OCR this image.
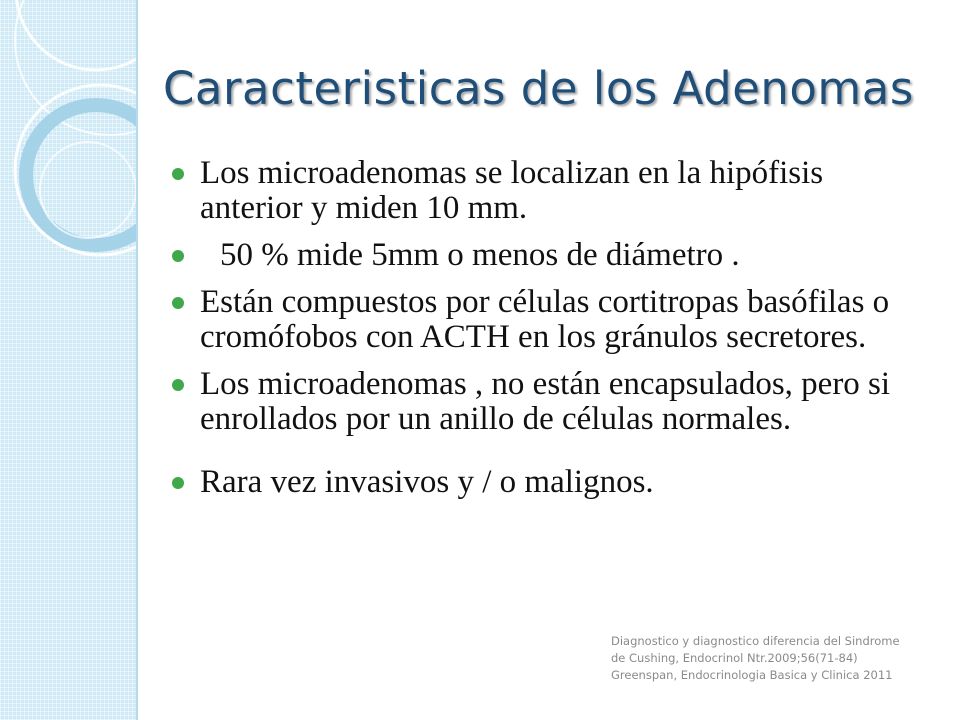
Caracteristicas de los Adenomas
Los microadenomas se localizan en la hipófisis anterior y miden 10 mm.
50 % mide 5mm o menos de diámetro .
Están compuestos por células cortitropas basófilas o cromófobos con ACTH en los gránulos secretores.
Los microadenomas , no están encapsulados, pero si enrollados por un anillo de células normales.
Rara vez invasivos y / o malignos.
Diagnostico y diagnostico diferencia del Sindrome de Cushing, Endocrinol Ntr.2009;56(71-84) Greenspan, Endocrinologia Basica y Clinica 2011
